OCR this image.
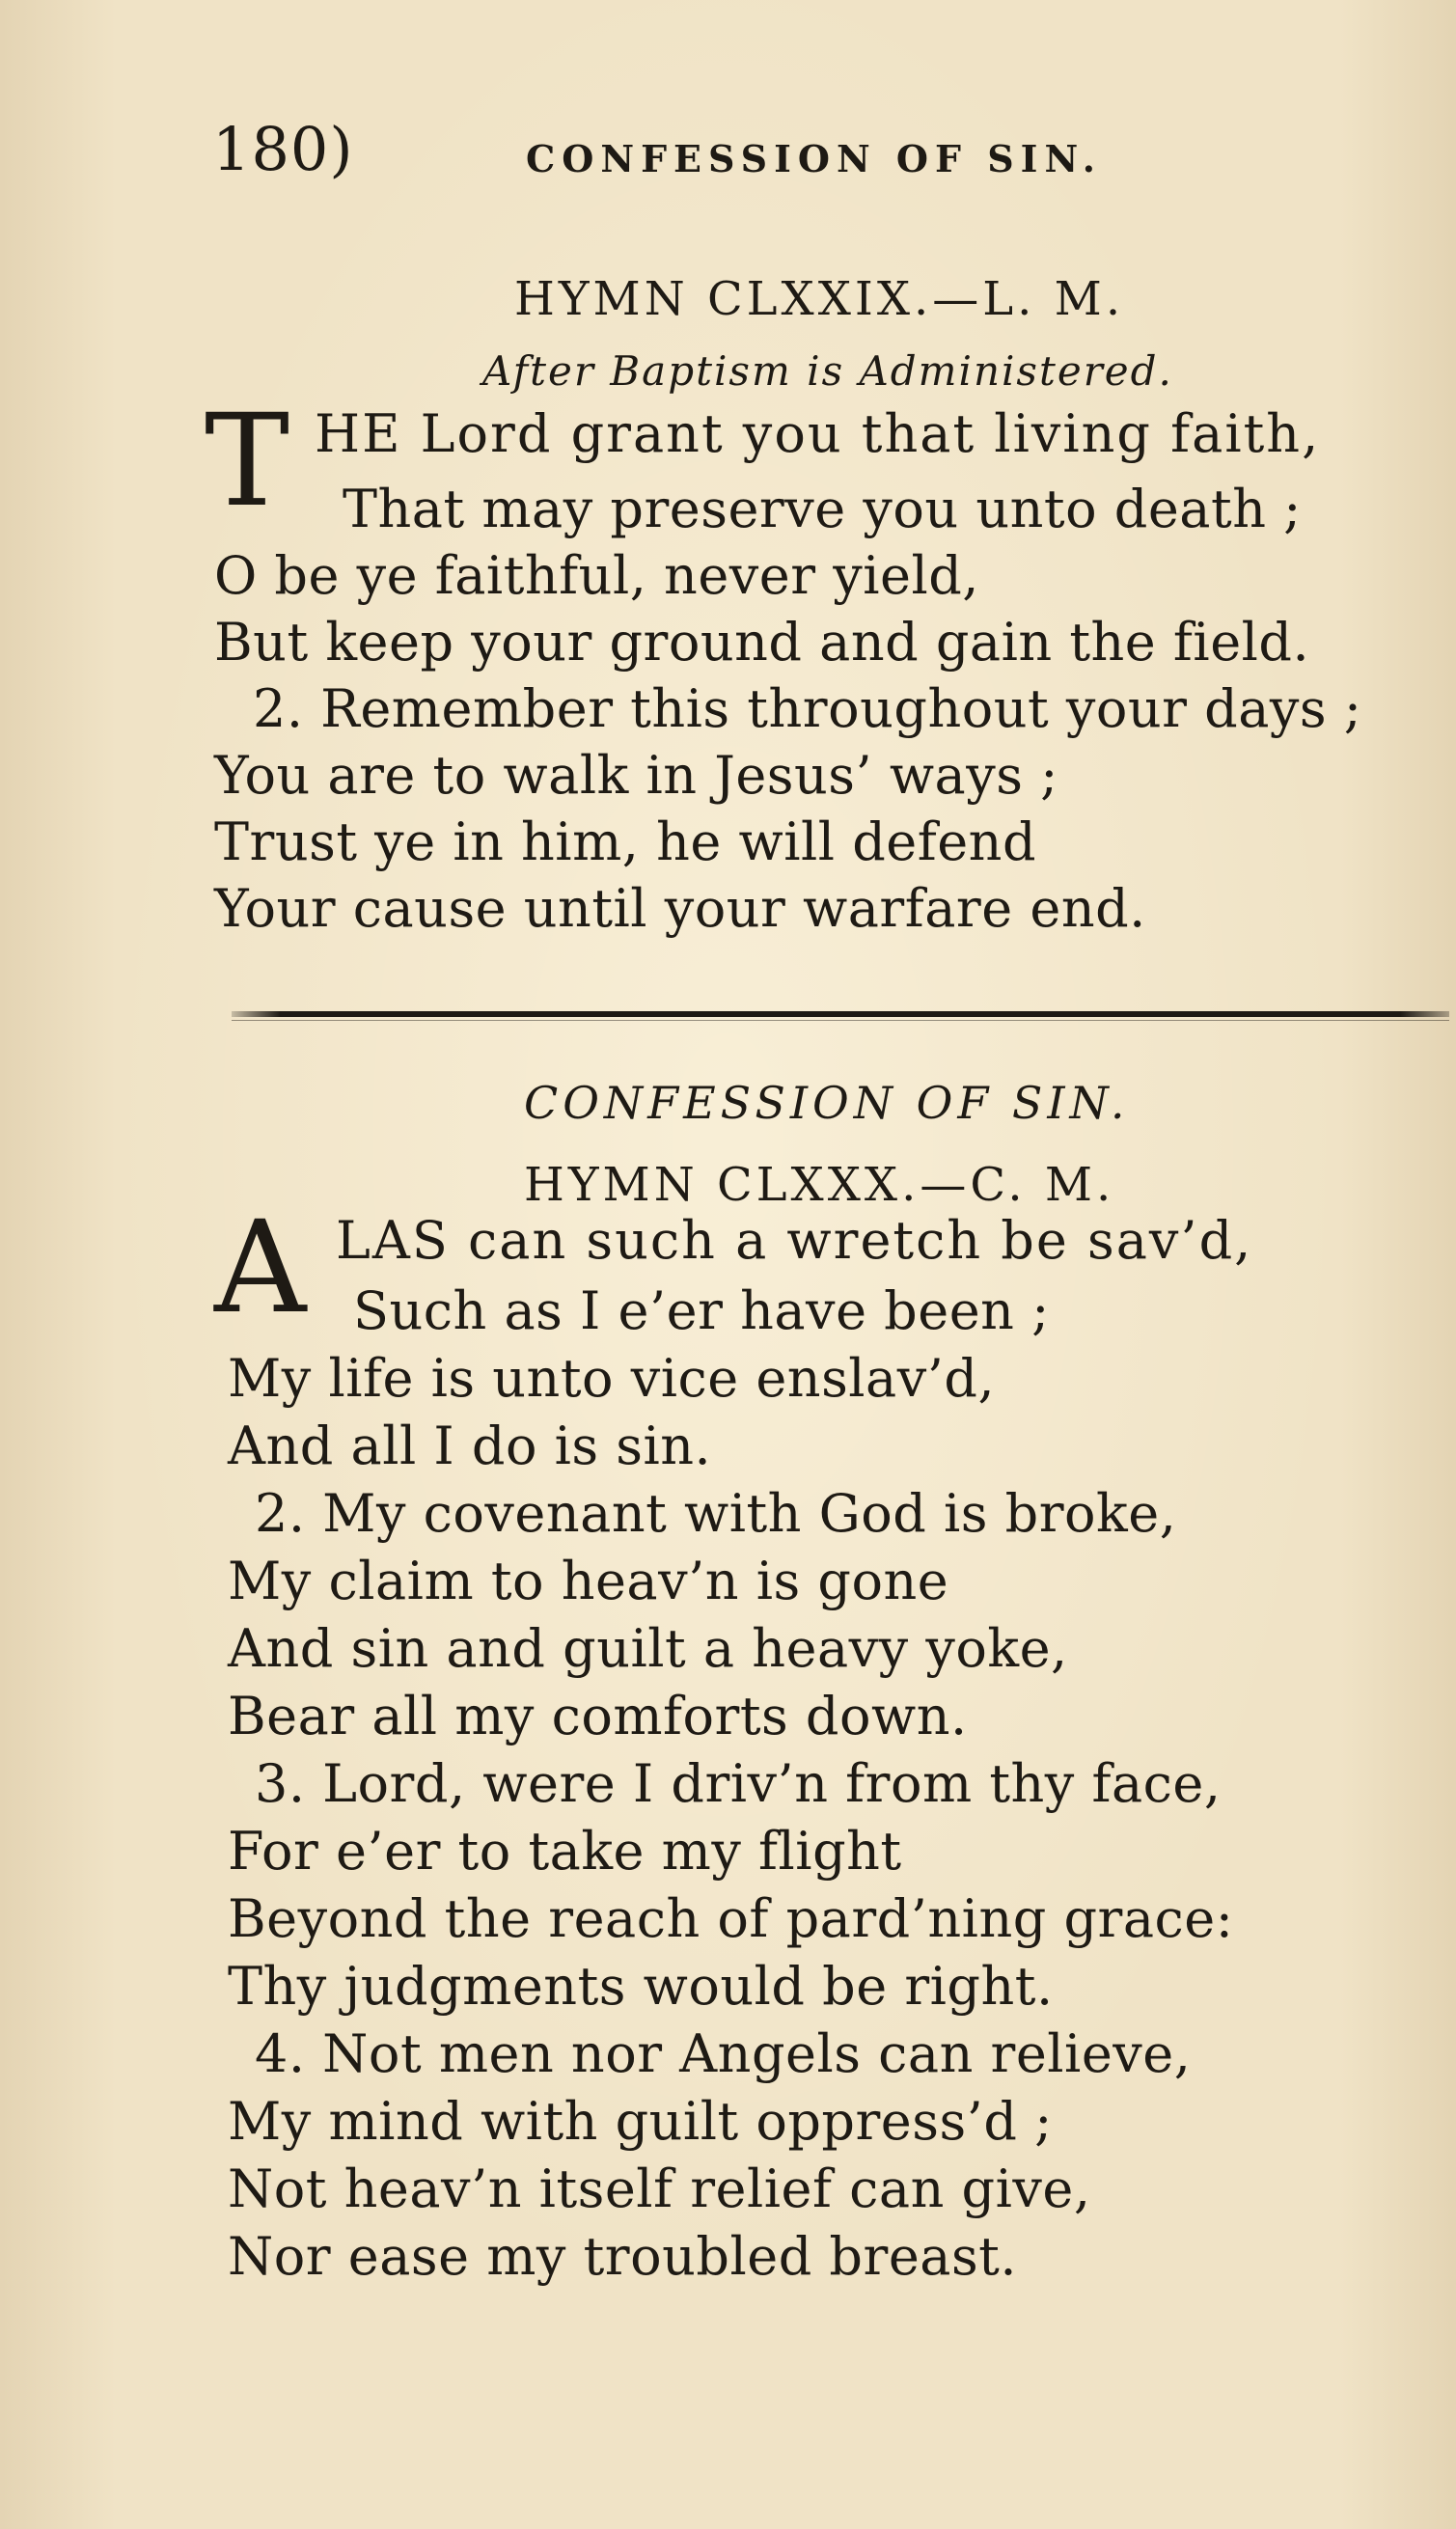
180)	CONFESSION OF SIN.
HYMN CLXXIX.—L. M.
After Baptism is Administered.
T HE Lord grant you that living faith,
That may preserve you unto death ;
O be ye faithful, never yield,
But keep your ground and gain the field.
2. Remember this throughout your days ;
You are to walk in Jesus’ ways ;
Trust ye in him, he will defend
Your cause until your warfare end.
CONFESSION OF SIN.
HYMN CLXXX.—C. M.
A LAS can such a wretch be sav’d,
Such as I e’er have been ;
My life is unto vice enslav’d,
And all I do is sin.
2. My covenant with God is broke,
My claim to heav’n is gone
And sin and guilt a heavy yoke,
Bear all my comforts down.
3. Lord, were I driv’n from thy face,
For e’er to take my flight
Beyond the reach of pard’ning grace:
Thy judgments would be right.
4. Not men nor Angels can relieve,
My mind with guilt oppress’d ;
Not heav’n itself relief can give,
Nor ease my troubled breast.
